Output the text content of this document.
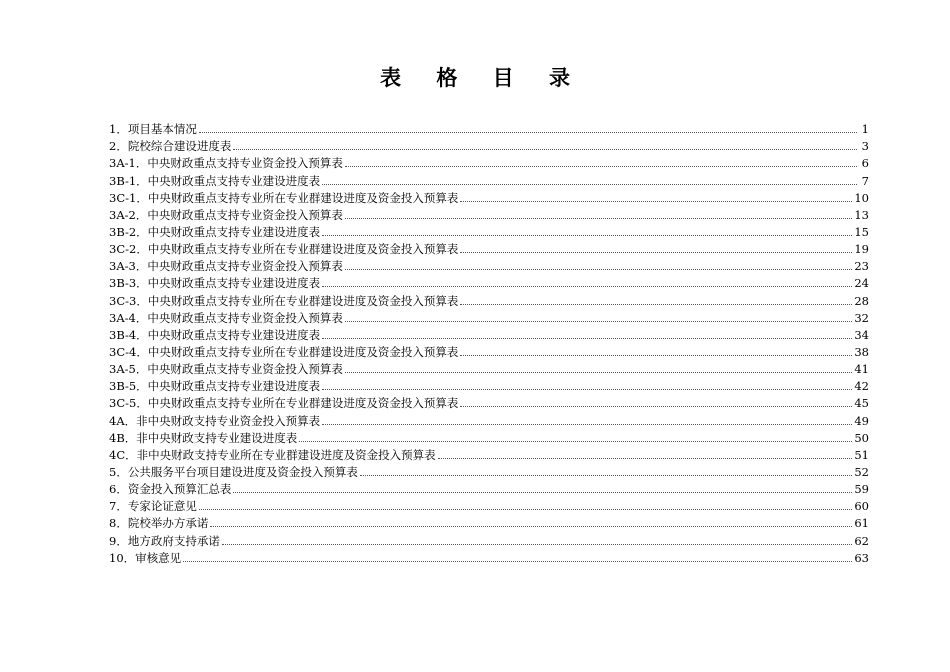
表 格 目 录
1．项目基本情况	1
2．院校综合建设进度表	3
3A-1．中央财政重点支持专业资金投入预算表	6
3B-1．中央财政重点支持专业建设进度表	7
3C-1．中央财政重点支持专业所在专业群建设进度及资金投入预算表	10
3A-2．中央财政重点支持专业资金投入预算表	13
3B-2．中央财政重点支持专业建设进度表	15
3C-2．中央财政重点支持专业所在专业群建设进度及资金投入预算表	19
3A-3．中央财政重点支持专业资金投入预算表	23
3B-3．中央财政重点支持专业建设进度表	24
3C-3．中央财政重点支持专业所在专业群建设进度及资金投入预算表	28
3A-4．中央财政重点支持专业资金投入预算表	32
3B-4．中央财政重点支持专业建设进度表	34
3C-4．中央财政重点支持专业所在专业群建设进度及资金投入预算表	38
3A-5．中央财政重点支持专业资金投入预算表	41
3B-5．中央财政重点支持专业建设进度表	42
3C-5．中央财政重点支持专业所在专业群建设进度及资金投入预算表	45
4A．非中央财政支持专业资金投入预算表	49
4B．非中央财政支持专业建设进度表	50
4C．非中央财政支持专业所在专业群建设进度及资金投入预算表	51
5．公共服务平台项目建设进度及资金投入预算表	52
6．资金投入预算汇总表	59
7．专家论证意见	60
8．院校举办方承诺	61
9．地方政府支持承诺	62
10．审核意见	63
